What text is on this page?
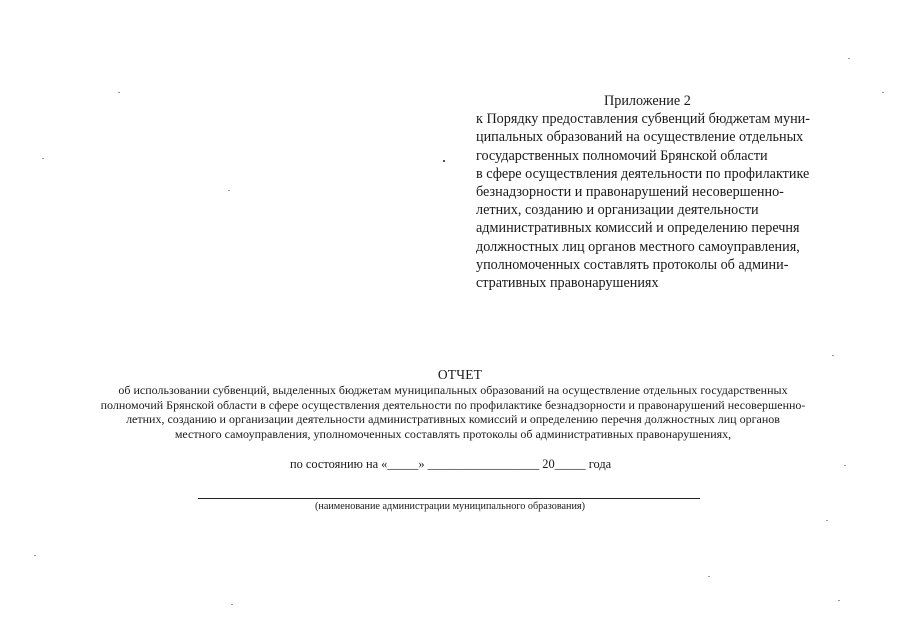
Приложение 2
к Порядку предоставления субвенций бюджетам муни-
ципальных образований на осуществление отдельных
государственных полномочий Брянской области
в сфере осуществления деятельности по профилактике
безнадзорности и правонарушений несовершенно-
летних, созданию и организации деятельности
административных комиссий и определению перечня
должностных лиц органов местного самоуправления,
уполномоченных составлять протоколы об админи-
стративных правонарушениях
ОТЧЕТ
об использовании субвенций, выделенных бюджетам муниципальных образований на осуществление отдельных государственных
полномочий Брянской области в сфере осуществления деятельности по профилактике безнадзорности и правонарушений несовершенно-
летних, созданию и организации деятельности административных комиссий и определению перечня должностных лиц органов
местного самоуправления, уполномоченных составлять протоколы об административных правонарушениях,
по состоянию на «_____» __________________ 20_____ года
(наименование администрации муниципального образования)
